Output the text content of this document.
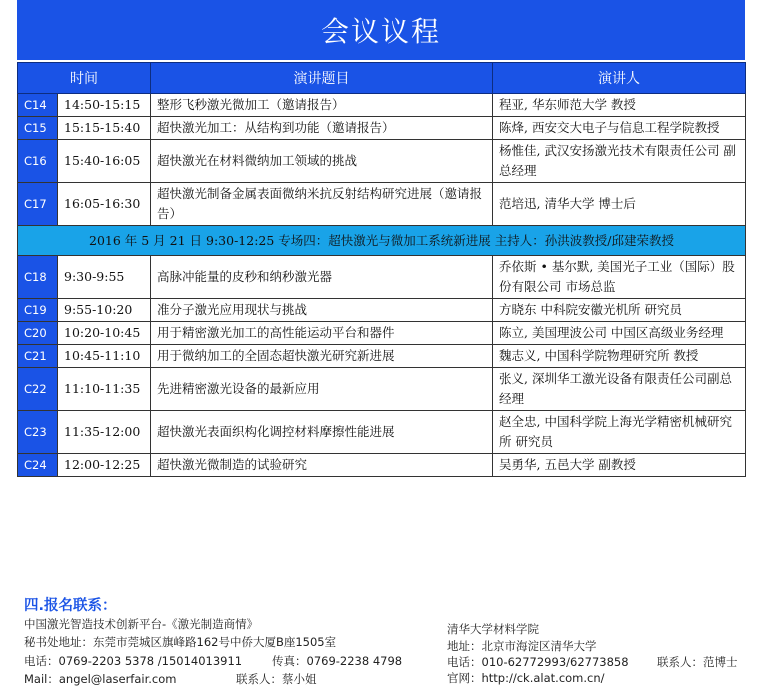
会议议程
时间		演讲题目	演讲人
C14	14:50-15:15	整形飞秒激光微加工（邀请报告）	程亚, 华东师范大学 教授
C15	15:15-15:40	超快激光加工：从结构到功能（邀请报告）	陈烽, 西安交大电子与信息工程学院教授
C16	15:40-16:05	超快激光在材料微纳加工领域的挑战	杨惟佳, 武汉安扬激光技术有限责任公司 副总经理
C17	16:05-16:30	超快激光制备金属表面微纳米抗反射结构研究进展（邀请报告）	范培迅, 清华大学 博士后
2016 年 5 月 21 日 9:30-12:25 专场四：超快激光与微加工系统新进展 主持人：孙洪波教授/邱建荣教授			
C18	9:30-9:55	高脉冲能量的皮秒和纳秒激光器	乔依斯 • 基尔默, 美国光子工业（国际）股份有限公司 市场总监
C19	9:55-10:20	准分子激光应用现状与挑战	方晓东 中科院安徽光机所 研究员
C20	10:20-10:45	用于精密激光加工的高性能运动平台和器件	陈立, 美国理波公司 中国区高级业务经理
C21	10:45-11:10	用于微纳加工的全固态超快激光研究新进展	魏志义, 中国科学院物理研究所 教授
C22	11:10-11:35	先进精密激光设备的最新应用	张义, 深圳华工激光设备有限责任公司副总经理
C23	11:35-12:00	超快激光表面织构化调控材料摩擦性能进展	赵全忠, 中国科学院上海光学精密机械研究所 研究员
C24	12:00-12:25	超快激光微制造的试验研究	吴勇华, 五邑大学 副教授
四.报名联系：
中国激光智造技术创新平台-《激光制造商情》
秘书处地址：东莞市莞城区旗峰路162号中侨大厦B座1505室
电话：0769-2203 5378 /15014013911	传真：0769-2238 4798
Mail：angel@laserfair.com	联系人：蔡小姐
清华大学材料学院
地址：北京市海淀区清华大学
电话：010-62772993/62773858 联系人：范博士
官网：http://ck.alat.com.cn/
